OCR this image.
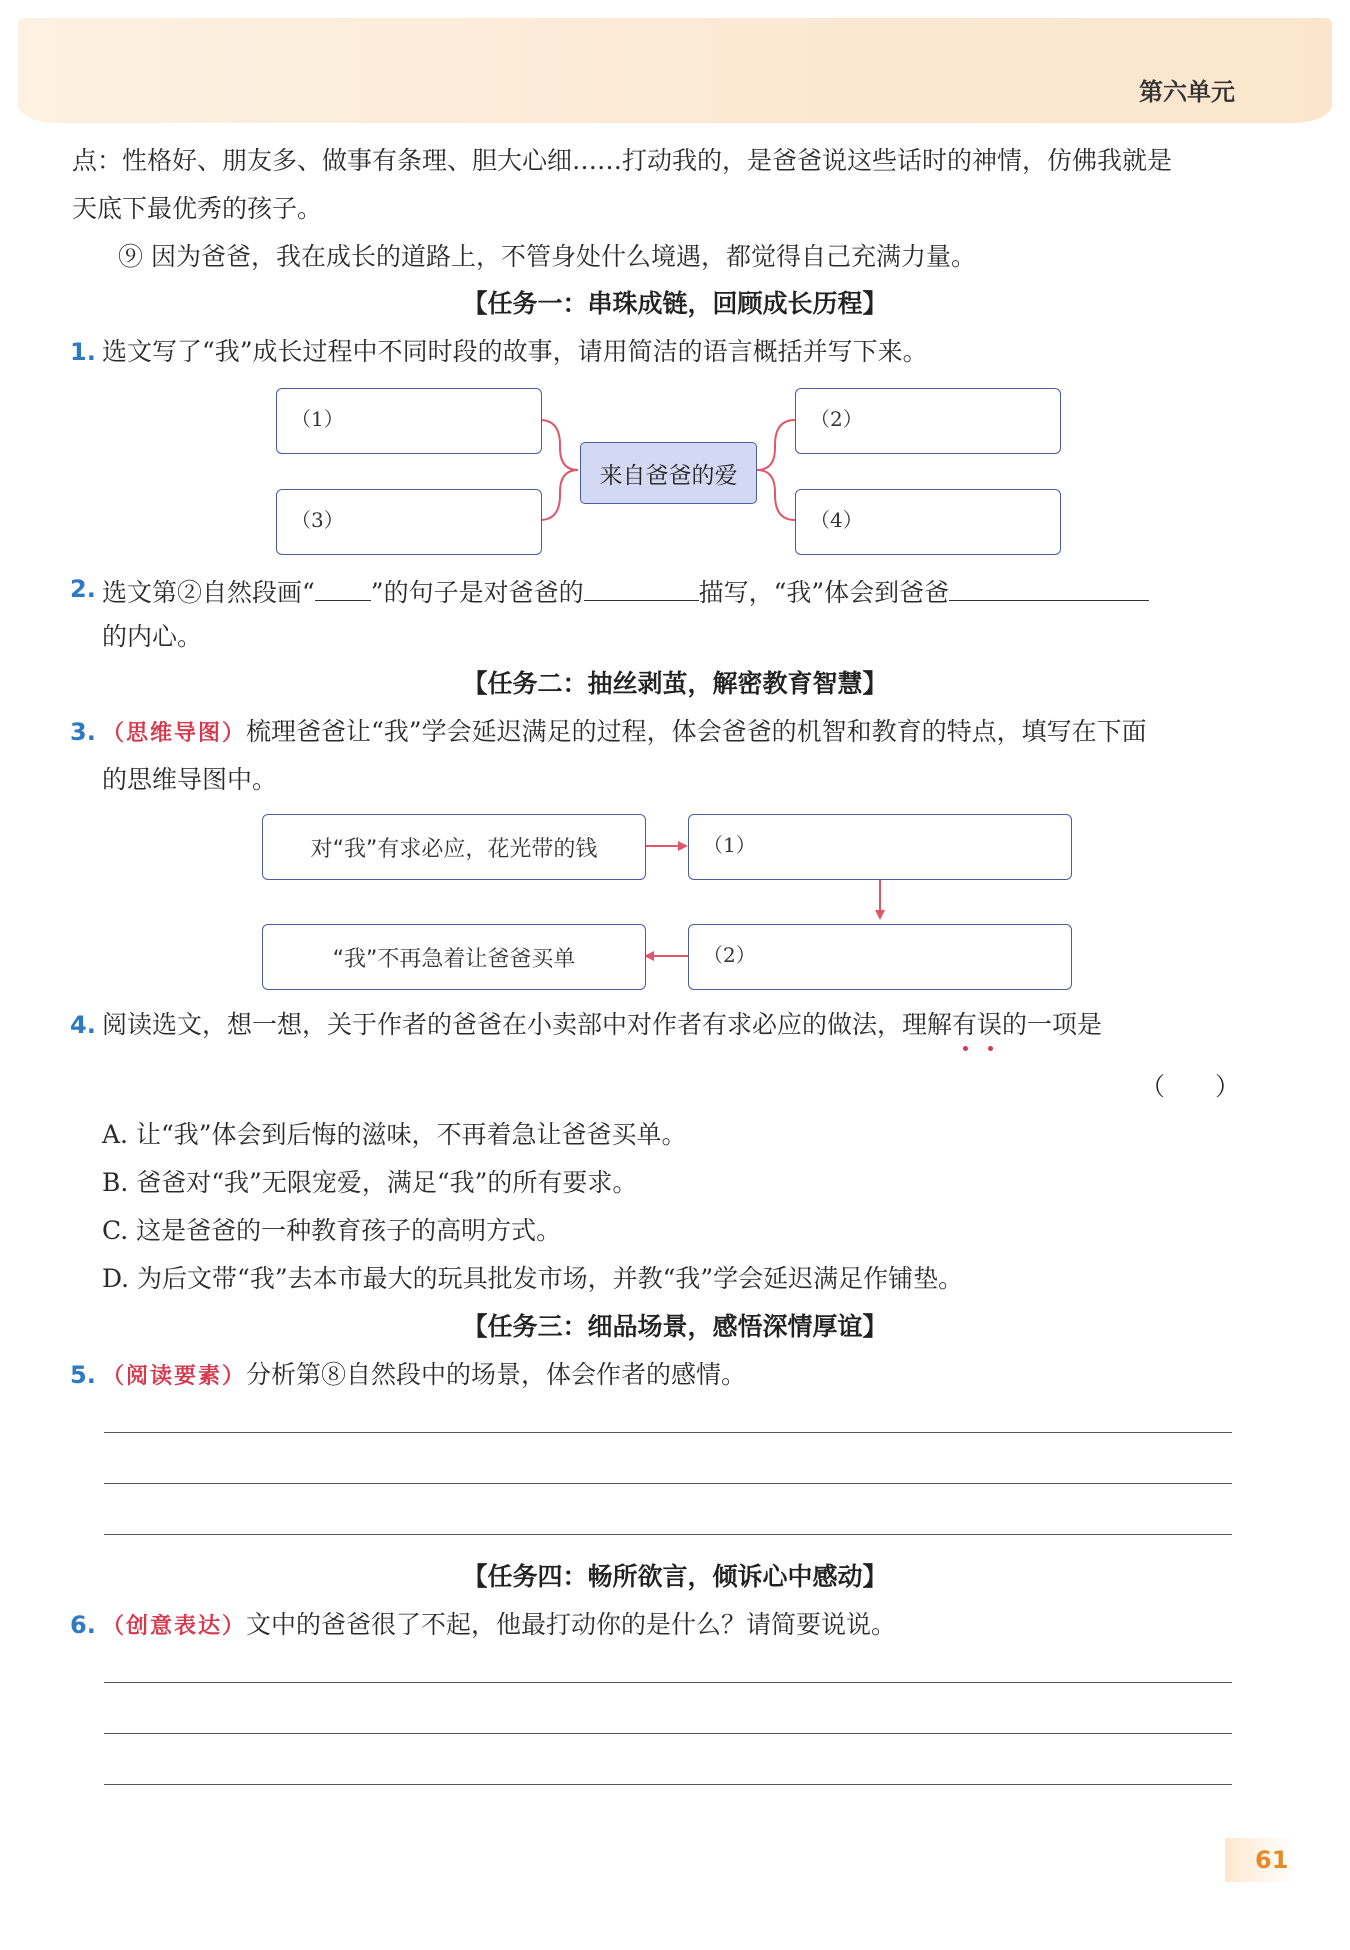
第六单元
点：性格好、朋友多、做事有条理、胆大心细……打动我的，是爸爸说这些话时的神情，仿佛我就是
天底下最优秀的孩子。
⑨ 因为爸爸，我在成长的道路上，不管身处什么境遇，都觉得自己充满力量。
【任务一：串珠成链，回顾成长历程】
1. 选文写了“我”成长过程中不同时段的故事，请用简洁的语言概括并写下来。
（1）	（2）
（3）	（4）
来自爸爸的爱
2. 选文第②自然段画“ ”的句子是对爸爸的	描写，“我”体会到爸爸
的内心。
【任务二：抽丝剥茧，解密教育智慧】
3. （思维导图）梳理爸爸让“我”学会延迟满足的过程，体会爸爸的机智和教育的特点，填写在下面
的思维导图中。
对“我”有求必应，花光带的钱	（1）
（2）
“我”不再急着让爸爸买单
4. 阅读选文，想一想，关于作者的爸爸在小卖部中对作者有求必应的做法，理解有
误
的一项是
（　　）
A. 让“我”体会到后悔的滋味，不再着急让爸爸买单。
B. 爸爸对“我”无限宠爱，满足“我”的所有要求。
C. 这是爸爸的一种教育孩子的高明方式。
D. 为后文带“我”去本市最大的玩具批发市场，并教“我”学会延迟满足作铺垫。
【任务三：细品场景，感悟深情厚谊】
5. （阅读要素）分析第⑧自然段中的场景，体会作者的感情。
【任务四：畅所欲言，倾诉心中感动】
6. （创意表达）文中的爸爸很了不起，他最打动你的是什么？请简要说说。
61
